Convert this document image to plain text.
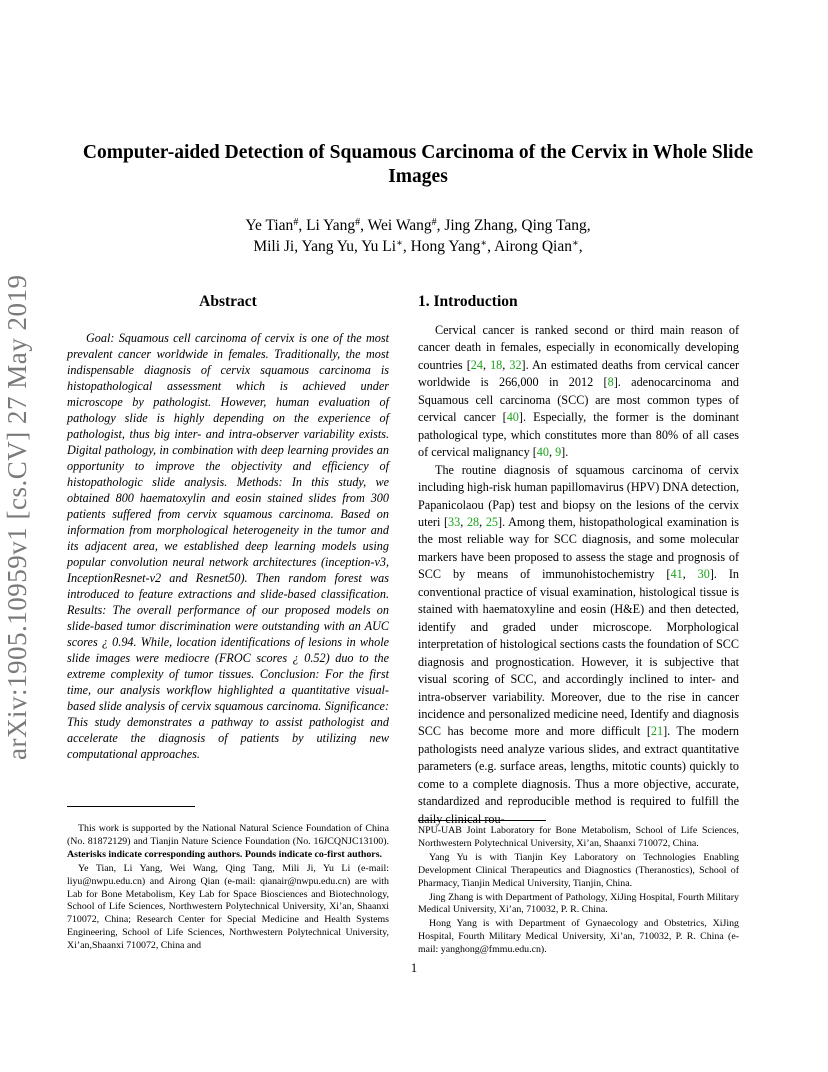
arXiv:1905.10959v1 [cs.CV] 27 May 2019
Computer-aided Detection of Squamous Carcinoma of the Cervix in Whole Slide Images
Ye Tian#, Li Yang#, Wei Wang#, Jing Zhang, Qing Tang,
Mili Ji, Yang Yu, Yu Li∗, Hong Yang∗, Airong Qian∗,
Abstract

Goal: Squamous cell carcinoma of cervix is one of the most prevalent cancer worldwide in females. Traditionally, the most indispensable diagnosis of cervix squamous carcinoma is histopathological assessment which is achieved under microscope by pathologist. However, human evaluation of pathology slide is highly depending on the experience of pathologist, thus big inter- and intra-observer variability exists. Digital pathology, in combination with deep learning provides an opportunity to improve the objectivity and efficiency of histopathologic slide analysis. Methods: In this study, we obtained 800 haematoxylin and eosin stained slides from 300 patients suffered from cervix squamous carcinoma. Based on information from morphological heterogeneity in the tumor and its adjacent area, we established deep learning models using popular convolution neural network architectures (inception-v3, InceptionResnet-v2 and Resnet50). Then random forest was introduced to feature extractions and slide-based classification. Results: The overall performance of our proposed models on slide-based tumor discrimination were outstanding with an AUC scores ¿ 0.94. While, location identifications of lesions in whole slide images were mediocre (FROC scores ¿ 0.52) duo to the extreme complexity of tumor tissues. Conclusion: For the first time, our analysis workflow highlighted a quantitative visual-based slide analysis of cervix squamous carcinoma. Significance: This study demonstrates a pathway to assist pathologist and accelerate the diagnosis of patients by utilizing new computational approaches.

1. Introduction

Cervical cancer is ranked second or third main reason of cancer death in females, especially in economically developing countries [24, 18, 32]. An estimated deaths from cervical cancer worldwide is 266,000 in 2012 [8]. adenocarcinoma and Squamous cell carcinoma (SCC) are most common types of cervical cancer [40]. Especially, the former is the dominant pathological type, which constitutes more than 80% of all cases of cervical malignancy [40, 9].

The routine diagnosis of squamous carcinoma of cervix including high-risk human papillomavirus (HPV) DNA detection, Papanicolaou (Pap) test and biopsy on the lesions of the cervix uteri [33, 28, 25]. Among them, histopathological examination is the most reliable way for SCC diagnosis, and some molecular markers have been proposed to assess the stage and prognosis of SCC by means of immunohistochemistry [41, 30]. In conventional practice of visual examination, histological tissue is stained with haematoxyline and eosin (H&E) and then detected, identify and graded under microscope. Morphological interpretation of histological sections casts the foundation of SCC diagnosis and prognostication. However, it is subjective that visual scoring of SCC, and accordingly inclined to inter- and intra-observer variability. Moreover, due to the rise in cancer incidence and personalized medicine need, Identify and diagnosis SCC has become more and more difficult [21]. The modern pathologists need analyze various slides, and extract quantitative parameters (e.g. surface areas, lengths, mitotic counts) quickly to come to a complete diagnosis. Thus a more objective, accurate, standardized and reproducible method is required to fulfill the daily clinical rou-

This work is supported by the National Natural Science Foundation of China (No. 81872129) and Tianjin Nature Science Foundation (No. 16JCQNJC13100). Asterisks indicate corresponding authors. Pounds indicate co-first authors.

Ye Tian, Li Yang, Wei Wang, Qing Tang, Mili Ji, Yu Li (e-mail: liyu@nwpu.edu.cn) and Airong Qian (e-mail: qianair@nwpu.edu.cn) are with Lab for Bone Metabolism, Key Lab for Space Biosciences and Biotechnology, School of Life Sciences, Northwestern Polytechnical University, Xi’an, Shaanxi 710072, China; Research Center for Special Medicine and Health Systems Engineering, School of Life Sciences, Northwestern Polytechnical University, Xi’an,Shaanxi 710072, China and

NPU-UAB Joint Laboratory for Bone Metabolism, School of Life Sciences, Northwestern Polytechnical University, Xi’an, Shaanxi 710072, China.

Yang Yu is with Tianjin Key Laboratory on Technologies Enabling Development Clinical Therapeutics and Diagnostics (Theranostics), School of Pharmacy, Tianjin Medical University, Tianjin, China.

Jing Zhang is with Department of Pathology, XiJing Hospital, Fourth Military Medical University, Xi’an, 710032, P. R. China.

Hong Yang is with Department of Gynaecology and Obstetrics, XiJing Hospital, Fourth Military Medical University, Xi’an, 710032, P. R. China (e-mail: yanghong@fmmu.edu.cn).

1
